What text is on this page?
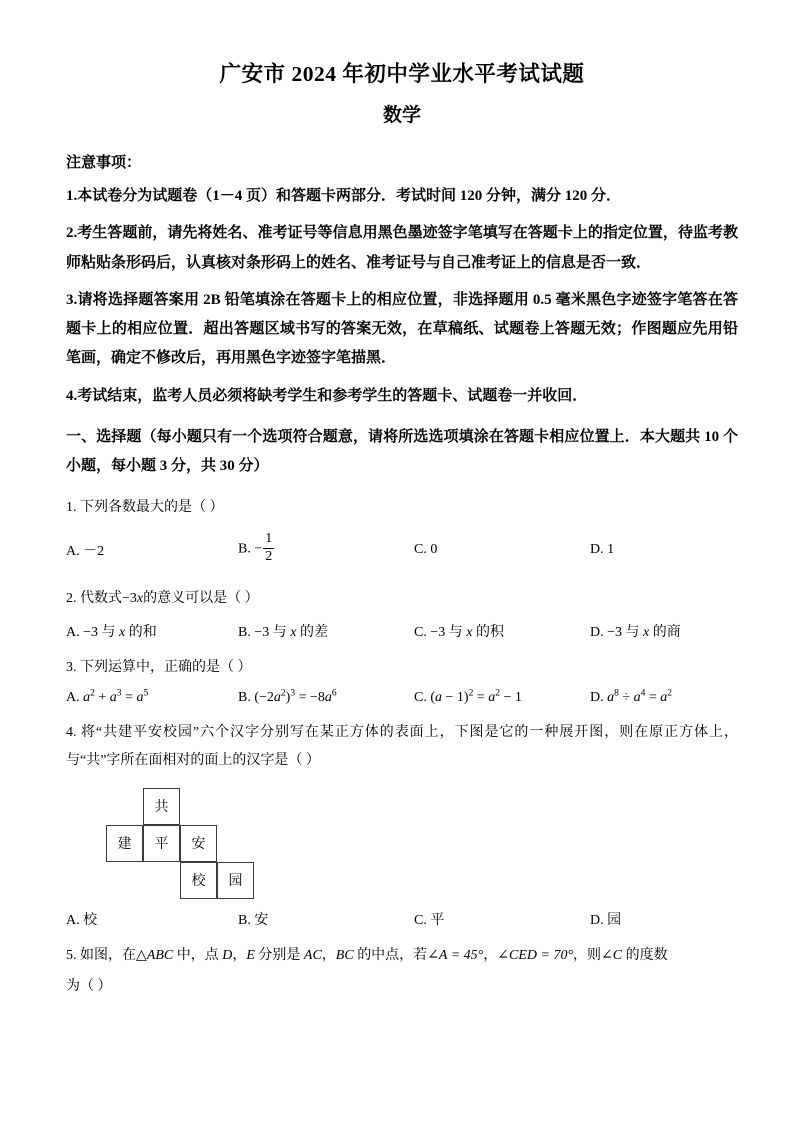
广安市 2024 年初中学业水平考试试题
数学
注意事项：
1.本试卷分为试题卷（1－4 页）和答题卡两部分．考试时间 120 分钟，满分 120 分．
2.考生答题前，请先将姓名、准考证号等信息用黑色墨迹签字笔填写在答题卡上的指定位置，待监考教师粘贴条形码后，认真核对条形码上的姓名、准考证号与自己准考证上的信息是否一致．
3.请将选择题答案用 2B 铅笔填涂在答题卡上的相应位置，非选择题用 0.5 毫米黑色字迹签字笔答在答题卡上的相应位置．超出答题区域书写的答案无效，在草稿纸、试题卷上答题无效；作图题应先用铅笔画，确定不修改后，再用黑色字迹签字笔描黑．
4.考试结束，监考人员必须将缺考学生和参考学生的答题卡、试题卷一并收回．
一、选择题（每小题只有一个选项符合题意，请将所选选项填涂在答题卡相应位置上．本大题共 10 个小题，每小题 3 分，共 30 分）
1. 下列各数最大的是（ ）
A. －2	B. − $\frac{1}{2}$	C. 0	D. 1
2. 代数式−3x的意义可以是（ ）
A. −3 与 x 的和	B. −3 与 x 的差	C. −3 与 x 的积	D. −3 与 x 的商
3. 下列运算中，正确的是（ ）
A. $a^2 + a^3 = a^5$	B. $(-2a^2)^3 = -8a^6$	C. $(a - 1)^2 = a^2 - 1$	D. $a^8 \div a^4 = a^2$
4. 将“共建平安校园”六个汉字分别写在某正方体的表面上，下图是它的一种展开图，则在原正方体上，与“共”字所在面相对的面上的汉字是（ ）
共
建	平	安
校	园
A. 校	B. 安	C. 平	D. 园
5. 如图，在△ABC 中，点 D，E 分别是 AC，BC 的中点，若∠A = 45°，∠CED = 70°，则∠C 的度数
为（ ）
